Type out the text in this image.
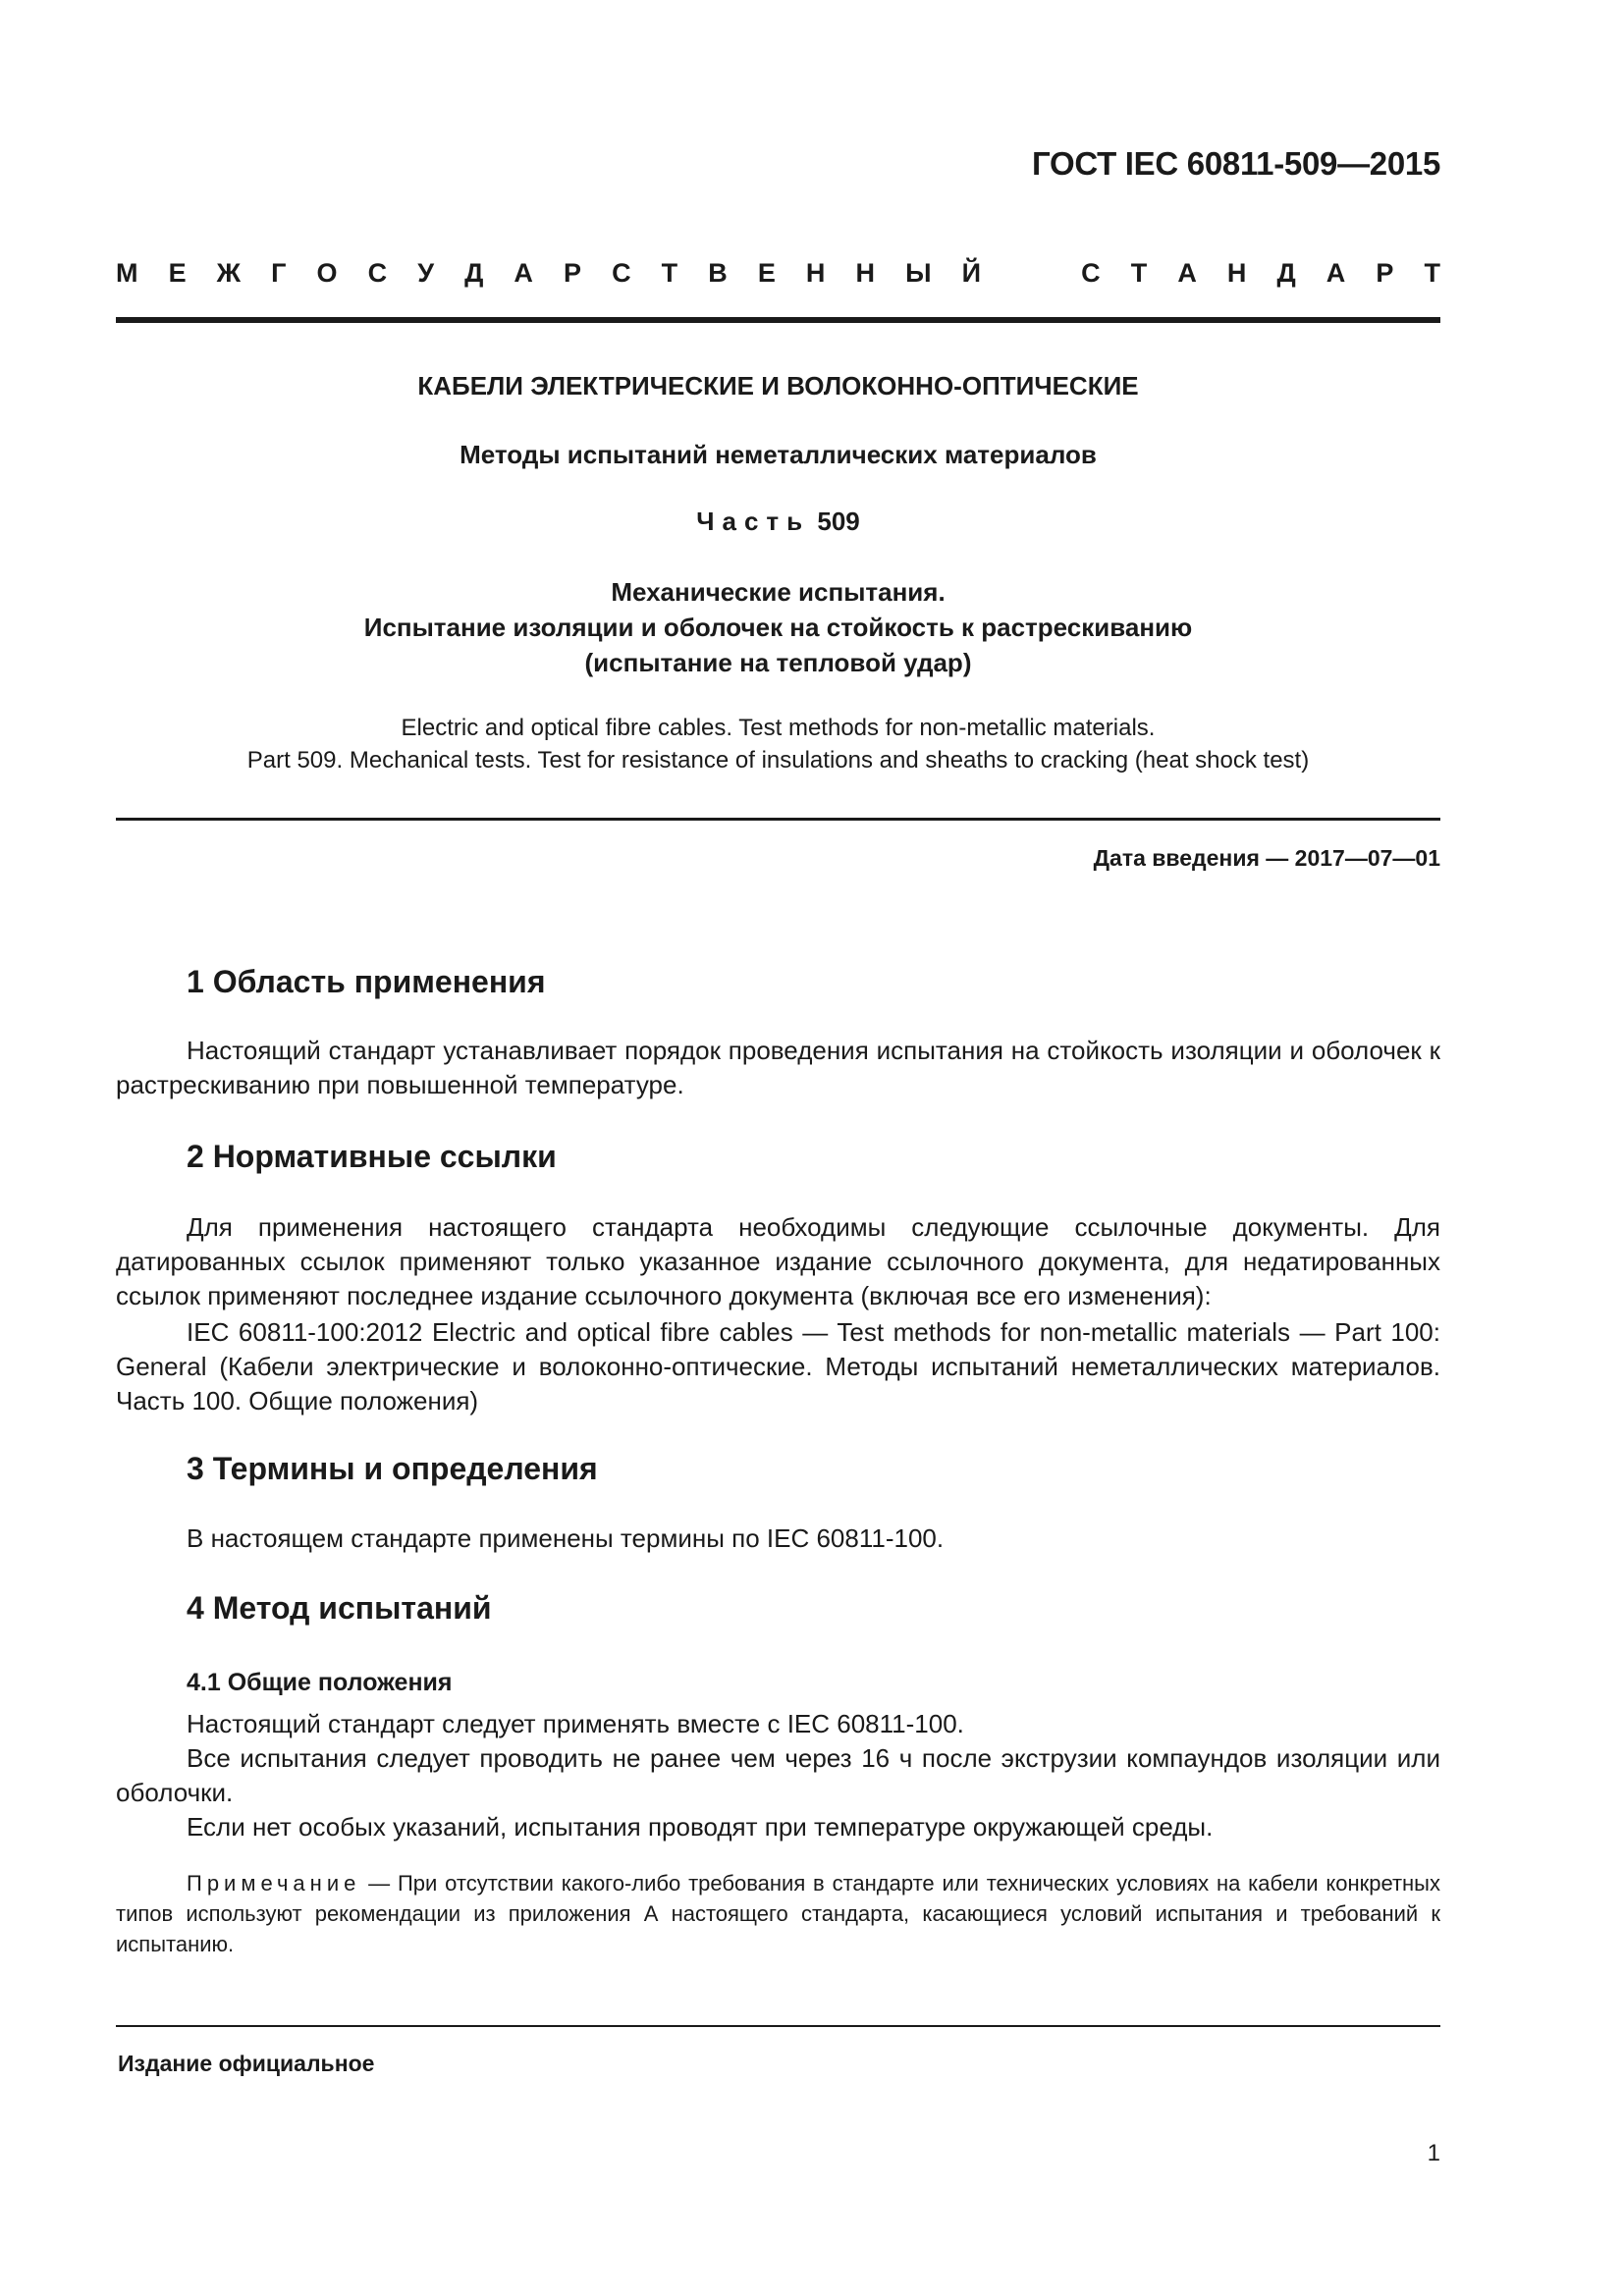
ГОСТ IEC 60811-509—2015
М Е Ж Г О С У Д А Р С Т В Е Н Н Ы Й	С Т А Н Д А Р Т
КАБЕЛИ ЭЛЕКТРИЧЕСКИЕ И ВОЛОКОННО-ОПТИЧЕСКИЕ
Методы испытаний неметаллических материалов
Часть 509
Механические испытания.
Испытание изоляции и оболочек на стойкость к растрескиванию
(испытание на тепловой удар)
Electric and optical fibre cables. Test methods for non-metallic materials.
Part 509. Mechanical tests. Test for resistance of insulations and sheaths to cracking (heat shock test)
Дата введения — 2017—07—01
1 Область применения

Настоящий стандарт устанавливает порядок проведения испытания на стойкость изоляции и оболочек к растрескиванию при повышенной температуре.

2 Нормативные ссылки

Для применения настоящего стандарта необходимы следующие ссылочные документы. Для датированных ссылок применяют только указанное издание ссылочного документа, для недатированных ссылок применяют последнее издание ссылочного документа (включая все его изменения):

IEC 60811-100:2012 Electric and optical fibre cables — Test methods for non-metallic materials — Part 100: General (Кабели электрические и волоконно-оптические. Методы испытаний неметаллических материалов. Часть 100. Общие положения)

3 Термины и определения

В настоящем стандарте применены термины по IEC 60811-100.

4 Метод испытаний
4.1 Общие положения

Настоящий стандарт следует применять вместе с IEC 60811-100.

Все испытания следует проводить не ранее чем через 16 ч после экструзии компаундов изоляции или оболочки.

Если нет особых указаний, испытания проводят при температуре окружающей среды.

Примечание — При отсутствии какого-либо требования в стандарте или технических условиях на кабели конкретных типов используют рекомендации из приложения А настоящего стандарта, касающиеся условий испытания и требований к испытанию.

Издание официальное
1
